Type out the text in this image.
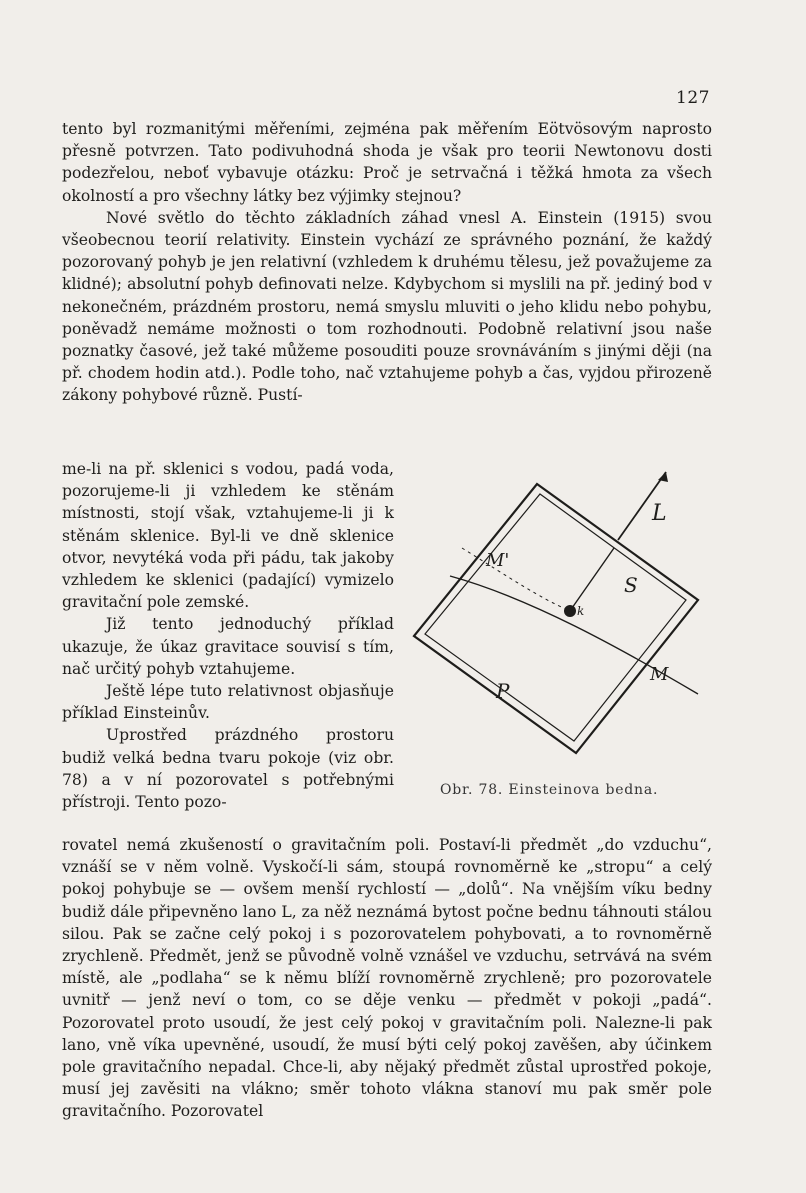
127

tento byl rozmanitými měřeními, zejména pak měřením Eötvösovým naprosto přesně potvrzen. Tato podivuhodná shoda je však pro teorii Newtonovu dosti podezřelou, neboť vybavuje otázku: Proč je setrvačná i těžká hmota za všech okolností a pro všechny látky bez výjimky stejnou?

Nové světlo do těchto základních záhad vnesl A. Einstein (1915) svou všeobecnou teorií relativity. Einstein vychází ze správného poznání, že každý pozorovaný pohyb je jen relativní (vzhledem k druhému tělesu, jež považujeme za klidné); absolutní pohyb definovati nelze. Kdybychom si myslili na př. jediný bod v nekonečném, prázdném prostoru, nemá smyslu mluviti o jeho klidu nebo pohybu, poněvadž nemáme možnosti o tom rozhodnouti. Podobně relativní jsou naše poznatky časové, jež také můžeme posouditi pouze srovnáváním s jinými ději (na př. chodem hodin atd.). Podle toho, nač vztahujeme pohyb a čas, vyjdou přirozeně zákony pohybové různě. Pustí-

me-li na př. sklenici s vodou, padá voda, pozorujeme-li ji vzhledem ke stěnám místnosti, stojí však, vztahujeme-li ji k stěnám sklenice. Byl-li ve dně sklenice otvor, nevytéká voda při pádu, tak jakoby vzhledem ke sklenici (padající) vymizelo gravitační pole zemské.

Již tento jednoduchý příklad ukazuje, že úkaz gravitace souvisí s tím, nač určitý pohyb vztahujeme.

Ještě lépe tuto relativnost objasňuje příklad Einsteinův.

Uprostřed prázdného prostoru budiž velká bedna tvaru pokoje (viz obr. 78) a v ní pozorovatel s potřebnými přístroji. Tento pozo-

L
S
M'
M
P
k
Obr. 78. Einsteinova bedna.

rovatel nemá zkušeností o gravitačním poli. Postaví-li předmět „do vzduchu“, vznáší se v něm volně. Vyskočí-li sám, stoupá rovnoměrně ke „stropu“ a celý pokoj pohybuje se — ovšem menší rychlostí — „dolů“. Na vnějším víku bedny budiž dále připevněno lano L, za něž neznámá bytost počne bednu táhnouti stálou silou. Pak se začne celý pokoj i s pozorovatelem pohybovati, a to rovnoměrně zrychleně. Předmět, jenž se původně volně vznášel ve vzduchu, setrvává na svém místě, ale „podlaha“ se k němu blíží rovnoměrně zrychleně; pro pozorovatele uvnitř — jenž neví o tom, co se děje venku — předmět v pokoji „padá“. Pozorovatel proto usoudí, že jest celý pokoj v gravitačním poli. Nalezne-li pak lano, vně víka upevněné, usoudí, že musí býti celý pokoj zavěšen, aby účinkem pole gravitačního nepadal. Chce-li, aby nějaký předmět zůstal uprostřed pokoje, musí jej zavěsiti na vlákno; směr tohoto vlákna stanoví mu pak směr pole gravitačního. Pozorovatel
